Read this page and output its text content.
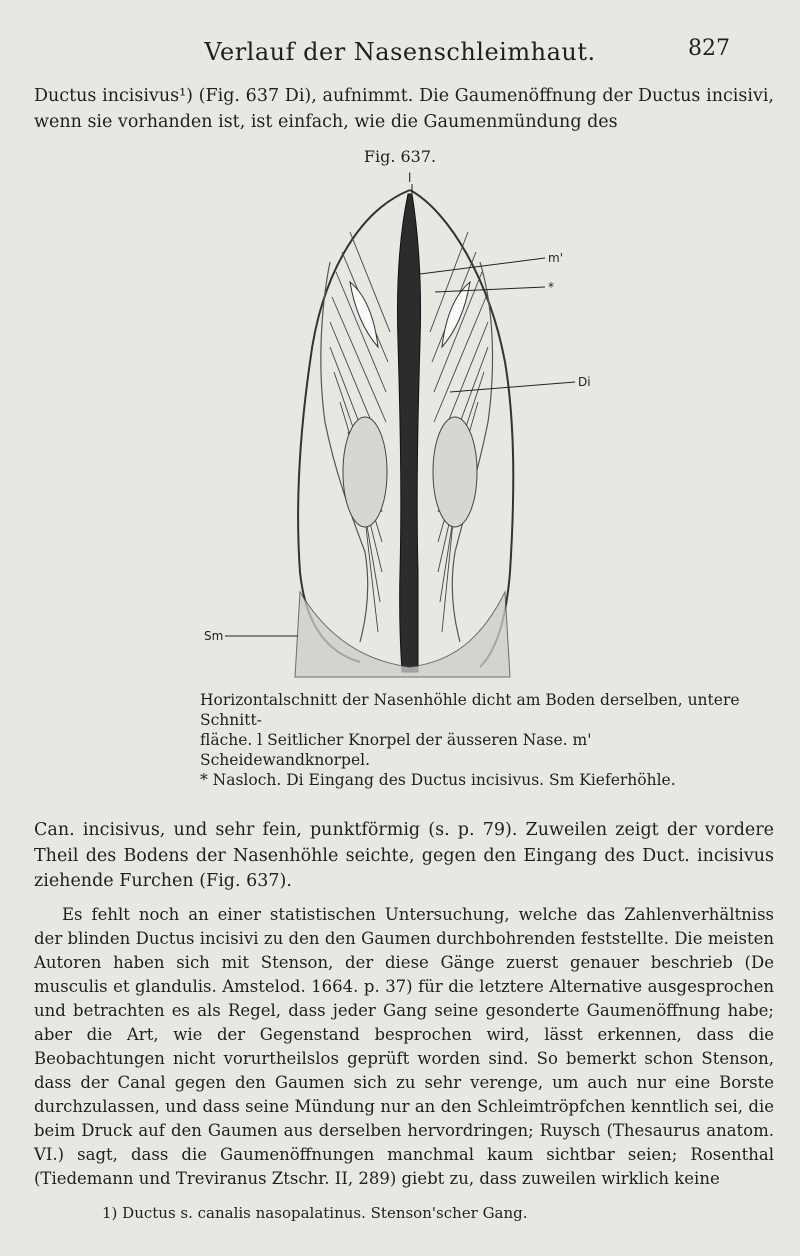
Verlauf der Nasenschleimhaut.	827

Ductus incisivus¹) (Fig. 637 Di), aufnimmt. Die Gaumenöffnung der Ductus incisivi, wenn sie vorhanden ist, ist einfach, wie die Gaumenmündung des

Fig. 637.
l
m'
*
Di
Sm
Horizontalschnitt der Nasenhöhle dicht am Boden derselben, untere Schnitt-
fläche. l Seitlicher Knorpel der äusseren Nase. m' Scheidewandknorpel.
* Nasloch. Di Eingang des Ductus incisivus. Sm Kieferhöhle.

Can. incisivus, und sehr fein, punktförmig (s. p. 79). Zuweilen zeigt der vordere Theil des Bodens der Nasenhöhle seichte, gegen den Eingang des Duct. incisivus ziehende Furchen (Fig. 637).

Es fehlt noch an einer statistischen Untersuchung, welche das Zahlenverhältniss der blinden Ductus incisivi zu den den Gaumen durchbohrenden feststellte. Die meisten Autoren haben sich mit Stenson, der diese Gänge zuerst genauer beschrieb (De musculis et glandulis. Amstelod. 1664. p. 37) für die letztere Alternative ausgesprochen und betrachten es als Regel, dass jeder Gang seine gesonderte Gaumenöffnung habe; aber die Art, wie der Gegenstand besprochen wird, lässt erkennen, dass die Beobachtungen nicht vorurtheilslos geprüft worden sind. So bemerkt schon Stenson, dass der Canal gegen den Gaumen sich zu sehr verenge, um auch nur eine Borste durchzulassen, und dass seine Mündung nur an den Schleimtröpfchen kenntlich sei, die beim Druck auf den Gaumen aus derselben hervordringen; Ruysch (Thesaurus anatom. VI.) sagt, dass die Gaumenöffnungen manchmal kaum sichtbar seien; Rosenthal (Tiedemann und Treviranus Ztschr. II, 289) giebt zu, dass zuweilen wirklich keine

1) Ductus s. canalis nasopalatinus. Stenson'scher Gang.
